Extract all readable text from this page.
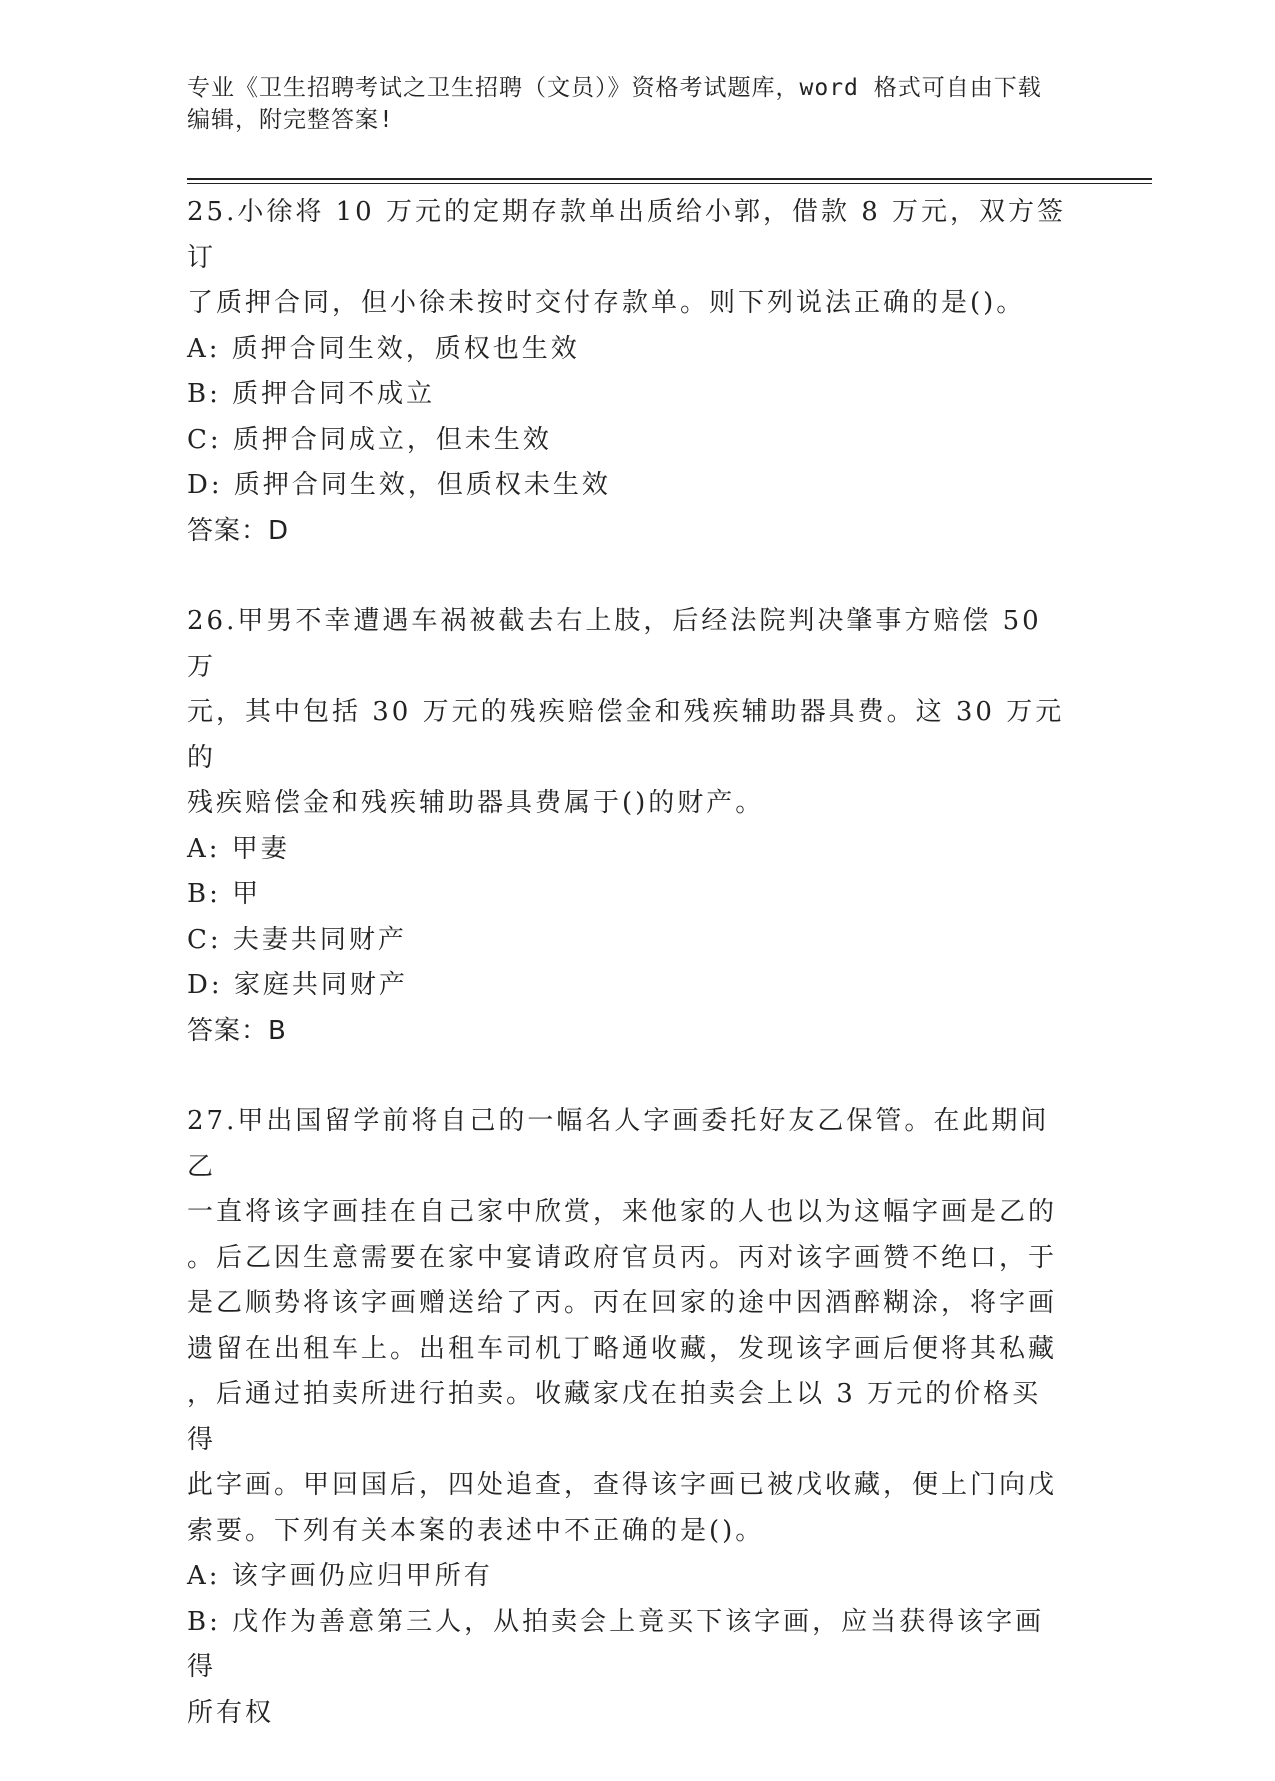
专业《卫生招聘考试之卫生招聘（文员）》资格考试题库，word 格式可自由下载
编辑，附完整答案!

25.小徐将 10 万元的定期存款单出质给小郭，借款 8 万元，双方签订

了质押合同，但小徐未按时交付存款单。则下列说法正确的是()。

A: 质押合同生效，质权也生效

B: 质押合同不成立

C: 质押合同成立，但未生效

D: 质押合同生效，但质权未生效

答案：D

26.甲男不幸遭遇车祸被截去右上肢，后经法院判决肇事方赔偿 50 万

元，其中包括 30 万元的残疾赔偿金和残疾辅助器具费。这 30 万元的

残疾赔偿金和残疾辅助器具费属于()的财产。

A: 甲妻

B: 甲

C: 夫妻共同财产

D: 家庭共同财产

答案：B

27.甲出国留学前将自己的一幅名人字画委托好友乙保管。在此期间乙

一直将该字画挂在自己家中欣赏，来他家的人也以为这幅字画是乙的

。后乙因生意需要在家中宴请政府官员丙。丙对该字画赞不绝口，于

是乙顺势将该字画赠送给了丙。丙在回家的途中因酒醉糊涂，将字画

遗留在出租车上。出租车司机丁略通收藏，发现该字画后便将其私藏

，后通过拍卖所进行拍卖。收藏家戊在拍卖会上以 3 万元的价格买得

此字画。甲回国后，四处追查，查得该字画已被戊收藏，便上门向戊

索要。下列有关本案的表述中不正确的是()。

A: 该字画仍应归甲所有

B: 戊作为善意第三人，从拍卖会上竟买下该字画，应当获得该字画得

所有权
